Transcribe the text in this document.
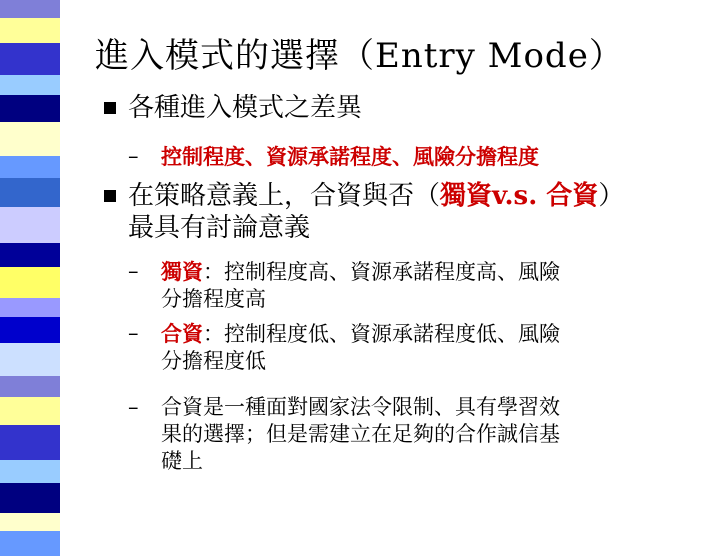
進入模式的選擇（Entry Mode）
各種進入模式之差異
– 控制程度、資源承諾程度、風險分擔程度
在策略意義上，合資與否（獨資v.s. 合資）
最具有討論意義
– 獨資：控制程度高、資源承諾程度高、風險
分擔程度高
– 合資：控制程度低、資源承諾程度低、風險
分擔程度低
– 合資是一種面對國家法令限制、具有學習效
果的選擇；但是需建立在足夠的合作誠信基
礎上
